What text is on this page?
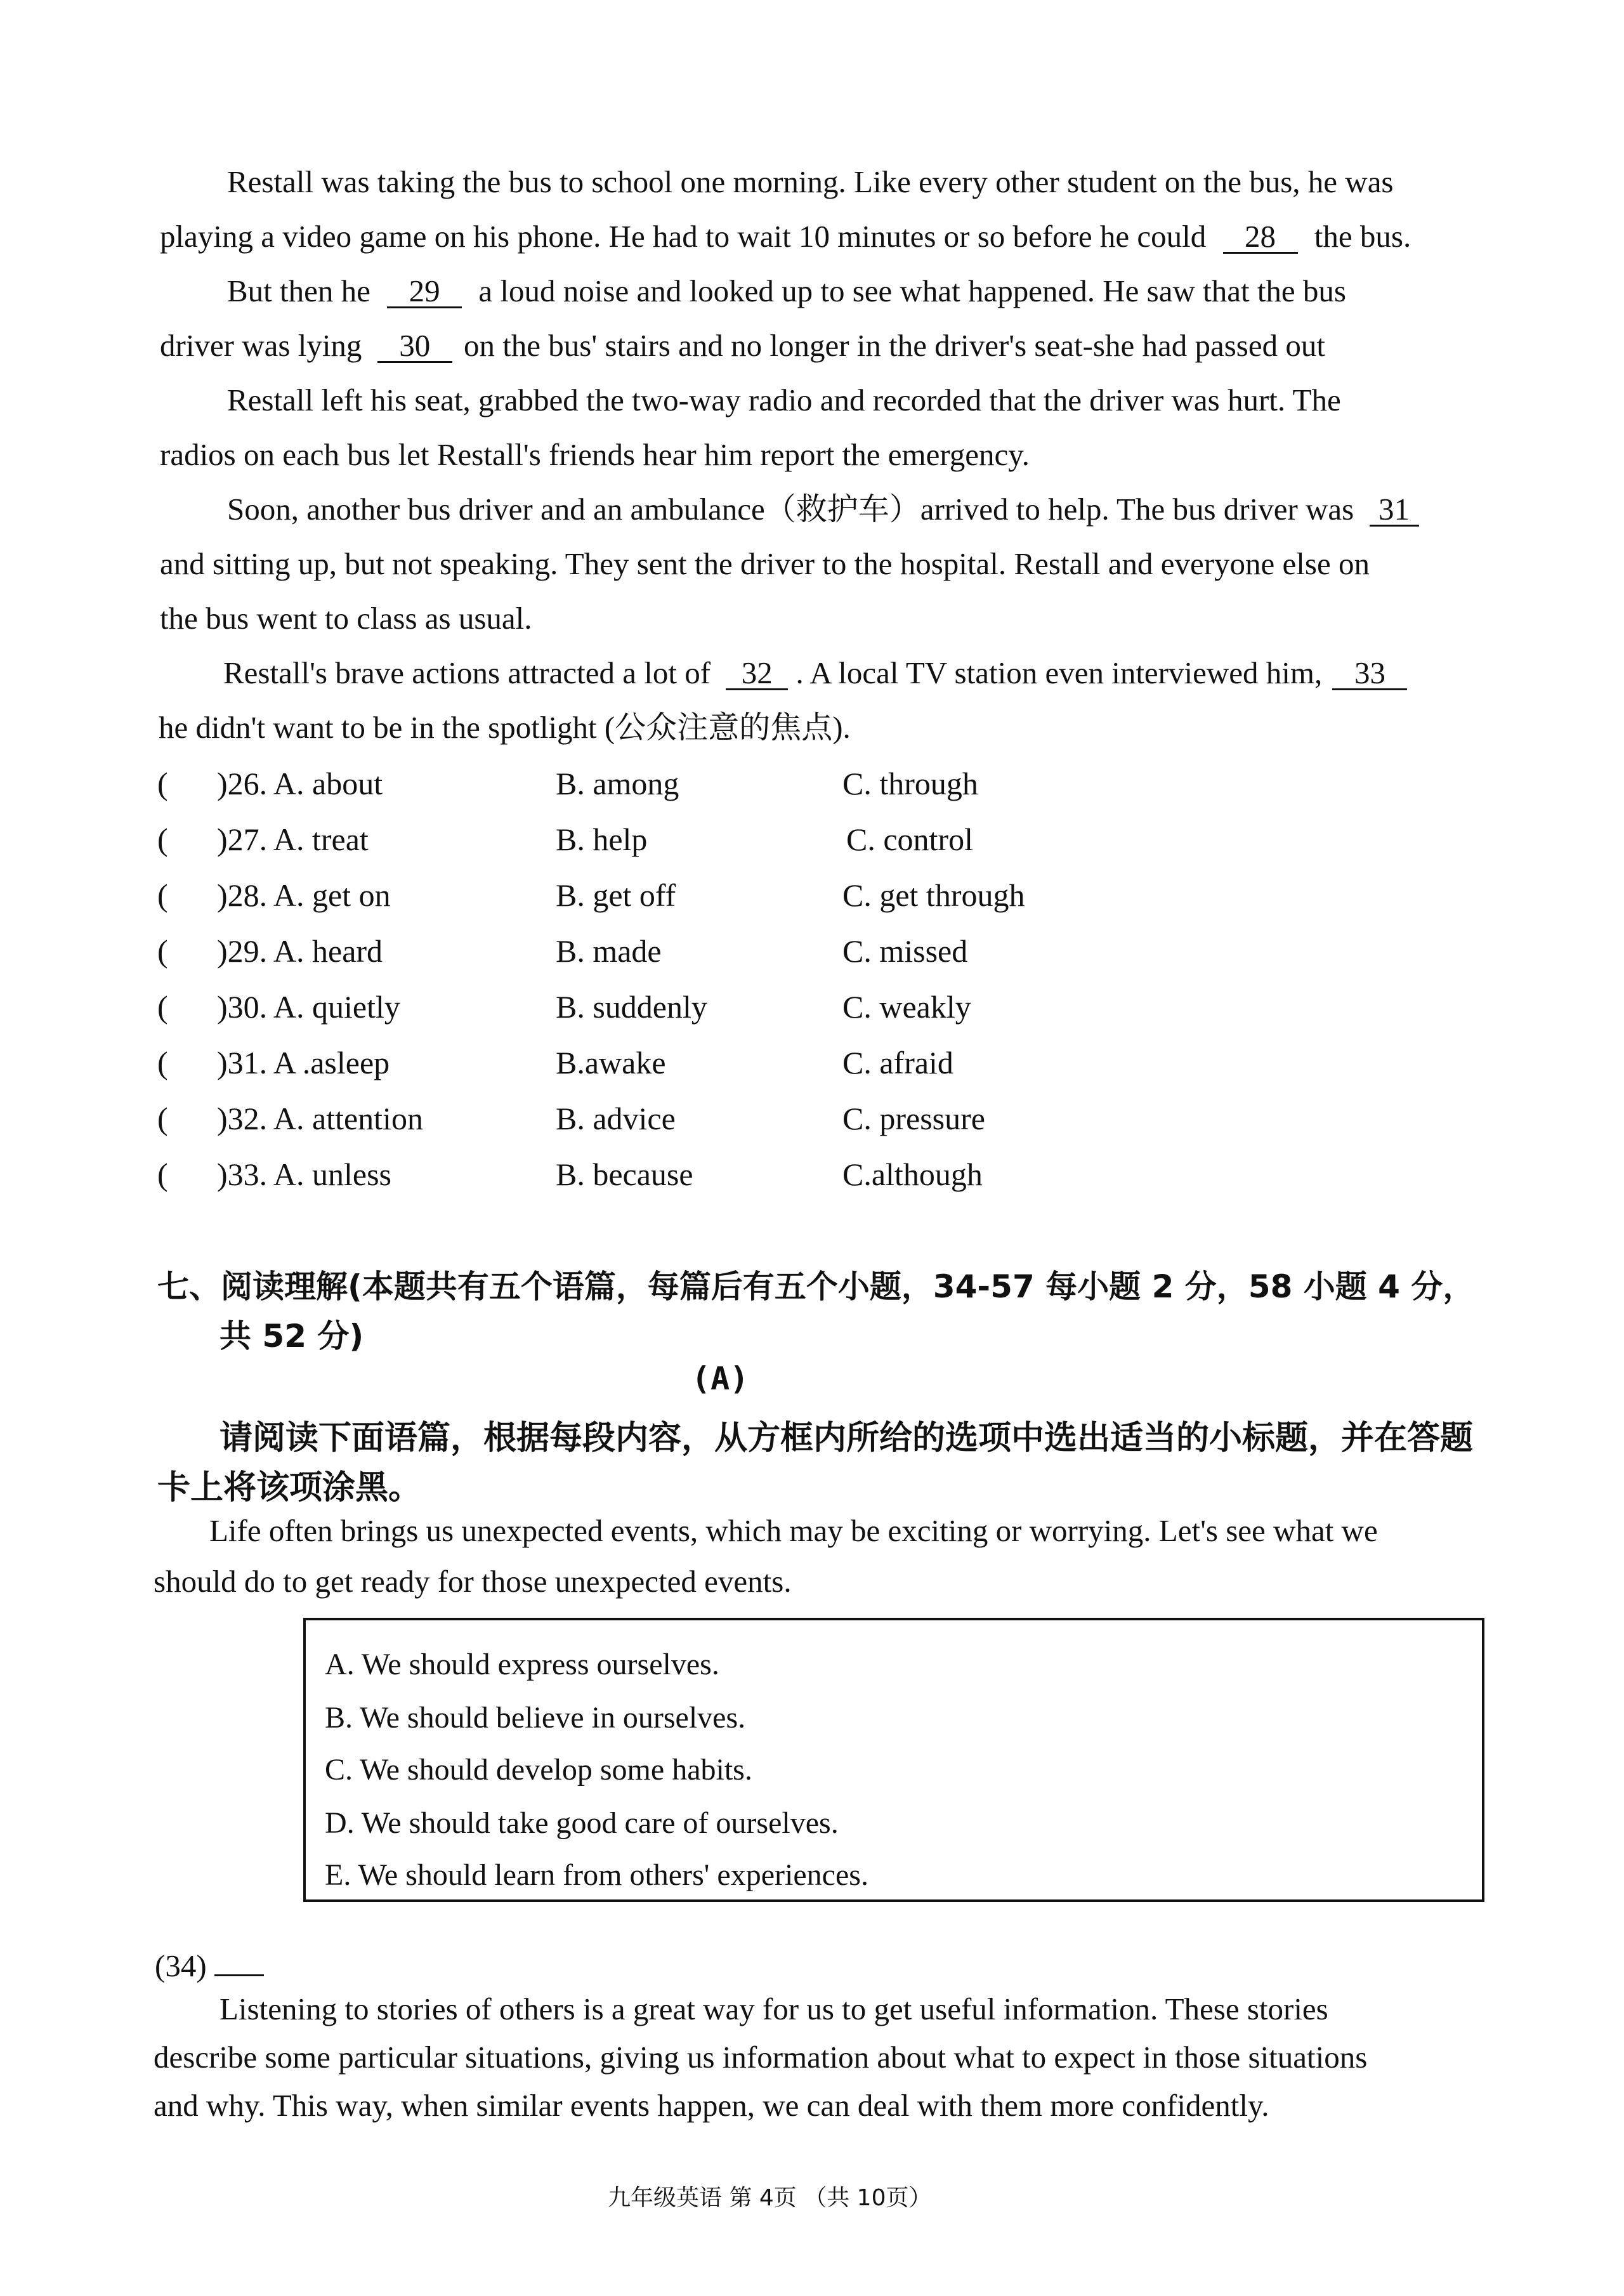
Restall was taking the bus to school one morning. Like every other student on the bus, he was
playing a video game on his phone. He had to wait 10 minutes or so before he could 28 the bus.
But then he 29 a loud noise and looked up to see what happened. He saw that the bus
driver was lying 30 on the bus' stairs and no longer in the driver's seat-she had passed out
Restall left his seat, grabbed the two-way radio and recorded that the driver was hurt. The
radios on each bus let Restall's friends hear him report the emergency.
Soon, another bus driver and an ambulance（救护车）arrived to help. The bus driver was 31
and sitting up, but not speaking. They sent the driver to the hospital. Restall and everyone else on
the bus went to class as usual.
Restall's brave actions attracted a lot of 32 . A local TV station even interviewed him, 33
he didn't want to be in the spotlight (公众注意的焦点).
( )26. A. about	B. among	C. through
( )27. A. treat	B. help	C. control
( )28. A. get on	B. get off	C. get through
( )29. A. heard	B. made	C. missed
( )30. A. quietly	B. suddenly	C. weakly
( )31. A .asleep	B.awake	C. afraid
( )32. A. attention	B. advice	C. pressure
( )33. A. unless	B. because	C.although
七、阅读理解(本题共有五个语篇，每篇后有五个小题，34-57 每小题 2 分，58 小题 4 分，
共 52 分)
(A)
请阅读下面语篇，根据每段内容，从方框内所给的选项中选出适当的小标题，并在答题
卡上将该项涂黑。
Life often brings us unexpected events, which may be exciting or worrying. Let's see what we
should do to get ready for those unexpected events.
A. We should express ourselves.
B. We should believe in ourselves.
C. We should develop some habits.
D. We should take good care of ourselves.
E. We should learn from others' experiences.
(34)
Listening to stories of others is a great way for us to get useful information. These stories
describe some particular situations, giving us information about what to expect in those situations
and why. This way, when similar events happen, we can deal with them more confidently.
九年级英语 第 4页 （共 10页）
